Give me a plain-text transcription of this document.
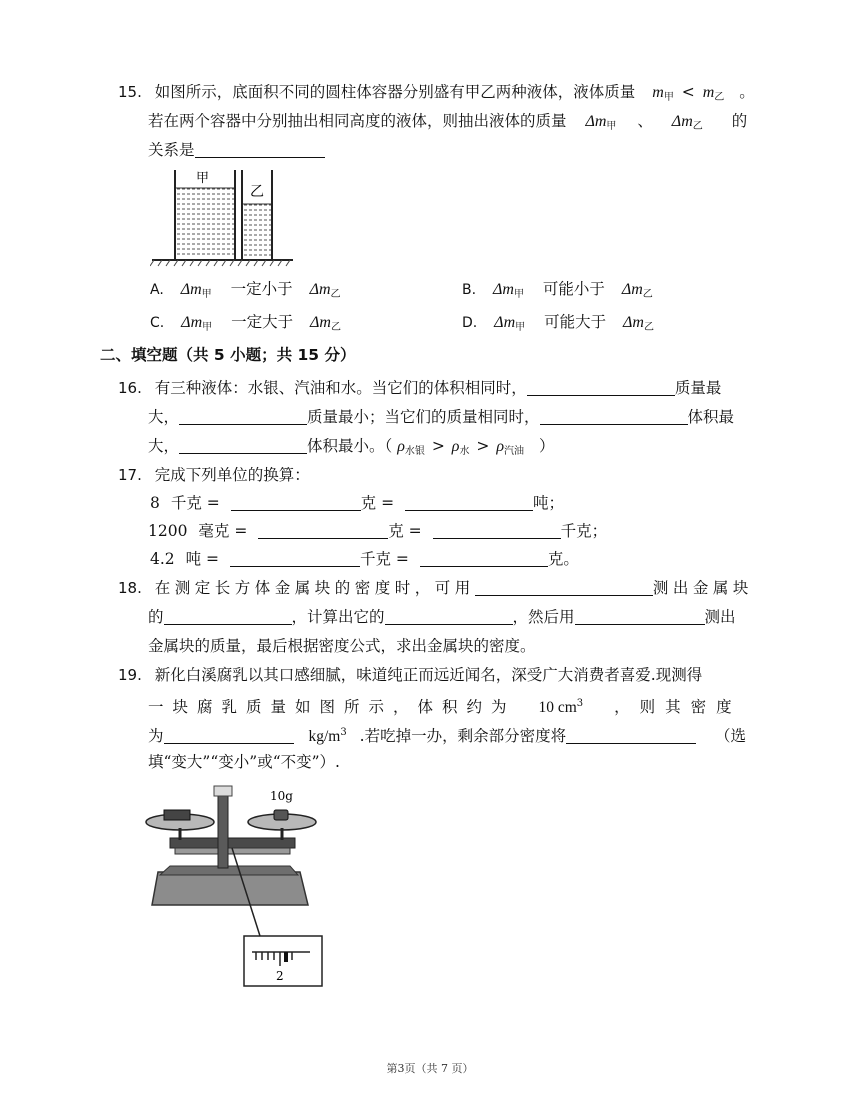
15. 如图所示，底面积不同的圆柱体容器分别盛有甲乙两种液体，液体质量 $m_甲 < m_乙$ 。
若在两个容器中分别抽出相同高度的液体，则抽出液体的质量 $\Delta m_甲$ 、 $\Delta m_乙$ 的
关系是
甲
乙
A. $\Delta m_甲$ 一定小于 $\Delta m_乙$	B. $\Delta m_甲$ 可能小于 $\Delta m_乙$
C. $\Delta m_甲$ 一定大于 $\Delta m_乙$	D. $\Delta m_甲$ 可能大于 $\Delta m_乙$
二、填空题（共 5 小题；共 15 分）
16. 有三种液体：水银、汽油和水。当它们的体积相同时，	质量最
大，	质量最小；当它们的质量相同时，	体积最
大，	体积最小。（ $\rho_{水银} > \rho_水 > \rho_{汽油}$ ）
17. 完成下列单位的换算：
8 千克 =	克 =	吨；
1200 毫克 =	克 =	千克；
4.2 吨 =	千克 =	克。
18. 在测定长方体金属块的密度时，可用	测出金属块
的	，计算出它的	，然后用	测出
金属块的质量，最后根据密度公式，求出金属块的密度。
19. 新化白溪腐乳以其口感细腻，味道纯正而远近闻名，深受广大消费者喜爱.现测得
一块腐乳质量如图所示，体积约为 10 $cm^3$ ，则其密度
为	$kg/m^3$ .若吃掉一办，剩余部分密度将	（选
填“变大”“变小”或“不变”）.
10g
2
第3页（共 7 页）
